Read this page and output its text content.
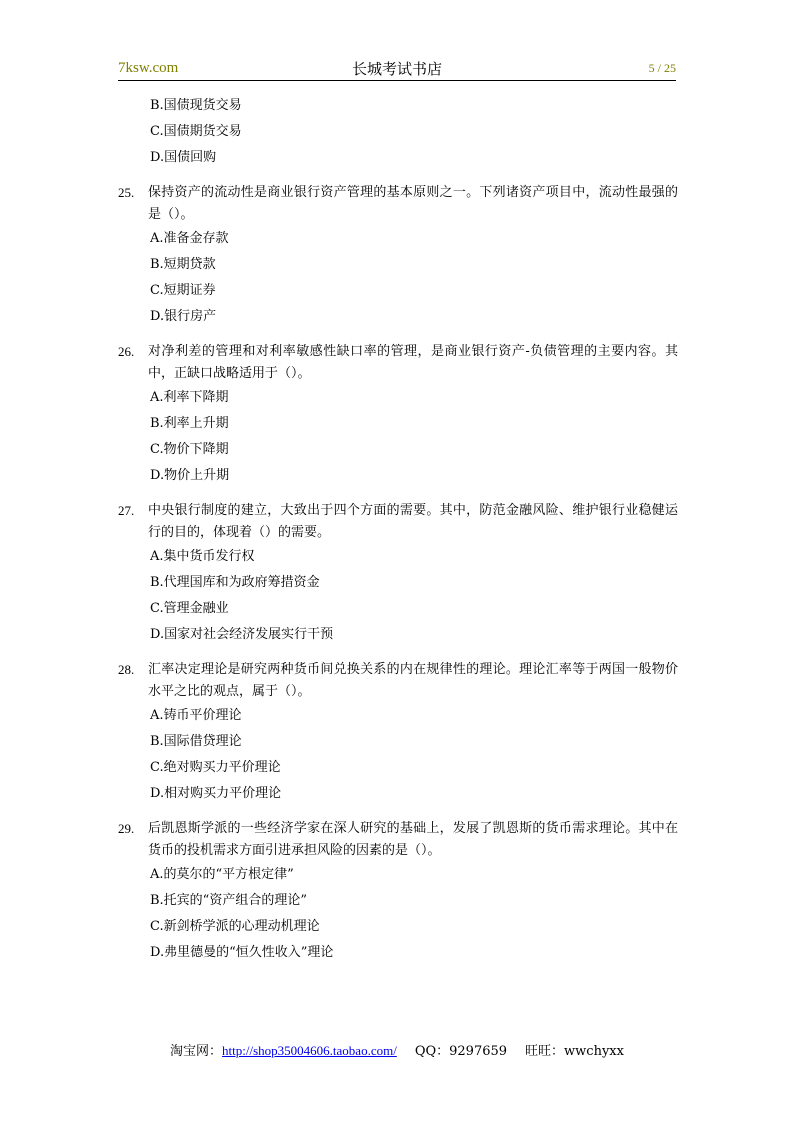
7ksw.com	长城考试书店	5 / 25
B.国债现货交易
C.国债期货交易
D.国债回购
25.	保持资产的流动性是商业银行资产管理的基本原则之一。下列诸资产项目中，流动性最强的是（）。
A.准备金存款
B.短期贷款
C.短期证券
D.银行房产
26.	对净利差的管理和对利率敏感性缺口率的管理，是商业银行资产-负债管理的主要内容。其中，正缺口战略适用于（）。
A.利率下降期
B.利率上升期
C.物价下降期
D.物价上升期
27.	中央银行制度的建立，大致出于四个方面的需要。其中，防范金融风险、维护银行业稳健运行的目的，体现着（）的需要。
A.集中货币发行权
B.代理国库和为政府筹措资金
C.管理金融业
D.国家对社会经济发展实行干预
28.	汇率决定理论是研究两种货币间兑换关系的内在规律性的理论。理论汇率等于两国一般物价水平之比的观点，属于（）。
A.铸币平价理论
B.国际借贷理论
C.绝对购买力平价理论
D.相对购买力平价理论
29.	后凯恩斯学派的一些经济学家在深人研究的基础上，发展了凯恩斯的货币需求理论。其中在货币的投机需求方面引进承担风险的因素的是（）。
A.的莫尔的“平方根定律”
B.托宾的“资产组合的理论”
C.新剑桥学派的心理动机理论
D.弗里德曼的“恒久性收入”理论
淘宝网：http://shop35004606.taobao.com/ QQ：9297659 旺旺：wwchyxx
